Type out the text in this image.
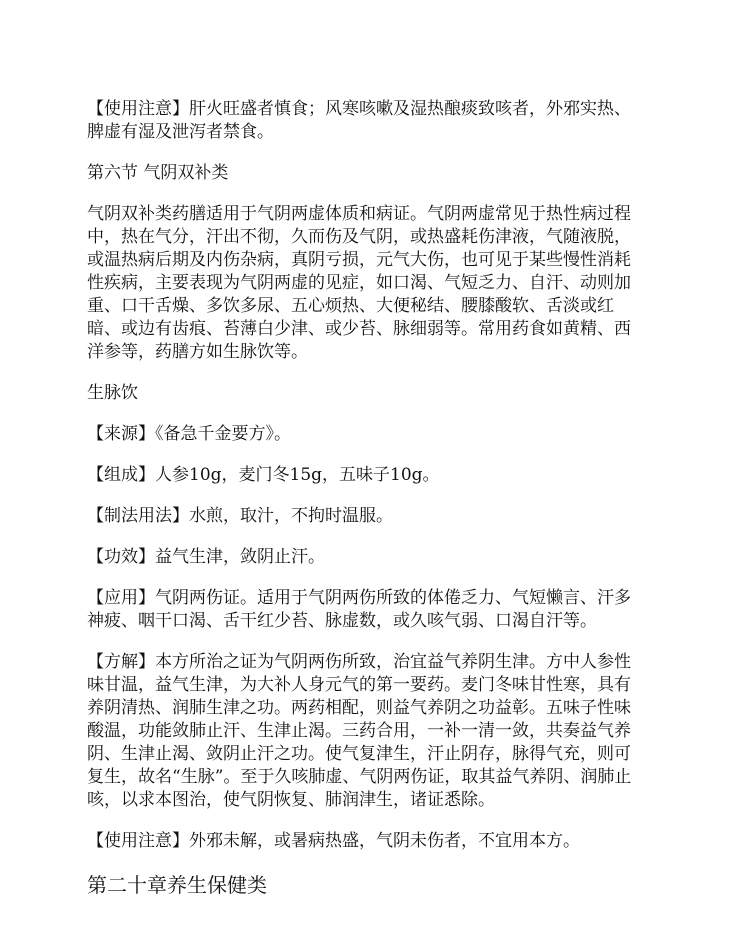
【使用注意】肝火旺盛者慎食；风寒咳嗽及湿热酿痰致咳者，外邪实热、脾虚有湿及泄泻者禁食。

第六节 气阴双补类

气阴双补类药膳适用于气阴两虚体质和病证。气阴两虚常见于热性病过程中，热在气分，汗出不彻，久而伤及气阴，或热盛耗伤津液，气随液脱，或温热病后期及内伤杂病，真阴亏损，元气大伤，也可见于某些慢性消耗性疾病，主要表现为气阴两虚的见症，如口渴、气短乏力、自汗、动则加重、口干舌燥、多饮多尿、五心烦热、大便秘结、腰膝酸软、舌淡或红暗、或边有齿痕、苔薄白少津、或少苔、脉细弱等。常用药食如黄精、西洋参等，药膳方如生脉饮等。

生脉饮

【来源】《备急千金要方》。

【组成】人参10g，麦门冬15g，五味子10g。

【制法用法】水煎，取汁，不拘时温服。

【功效】益气生津，敛阴止汗。

【应用】气阴两伤证。适用于气阴两伤所致的体倦乏力、气短懒言、汗多神疲、咽干口渴、舌干红少苔、脉虚数，或久咳气弱、口渴自汗等。

【方解】本方所治之证为气阴两伤所致，治宜益气养阴生津。方中人参性味甘温，益气生津，为大补人身元气的第一要药。麦门冬味甘性寒，具有养阴清热、润肺生津之功。两药相配，则益气养阴之功益彰。五味子性味酸温，功能敛肺止汗、生津止渴。三药合用，一补一清一敛，共奏益气养阴、生津止渴、敛阴止汗之功。使气复津生，汗止阴存，脉得气充，则可复生，故名“生脉”。至于久咳肺虚、气阴两伤证，取其益气养阴、润肺止咳，以求本图治，使气阴恢复、肺润津生，诸证悉除。

【使用注意】外邪未解，或暑病热盛，气阴未伤者，不宜用本方。

第二十章养生保健类
